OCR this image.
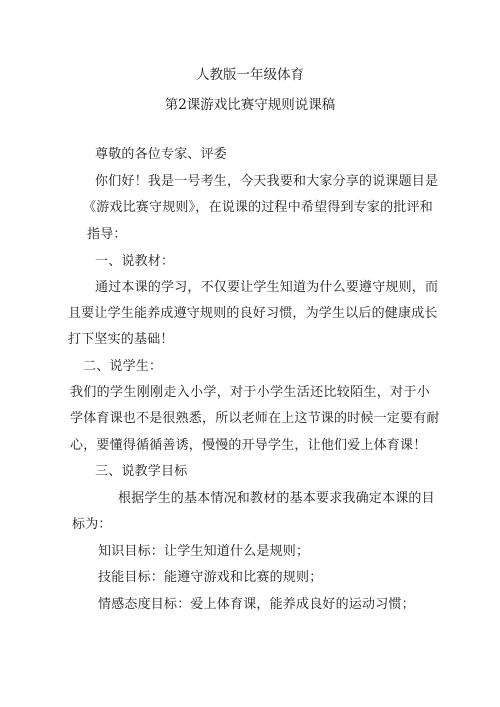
人教版一年级体育
第2课游戏比赛守规则说课稿
尊敬的各位专家、评委
你们好！我是一号考生，今天我要和大家分享的说课题目是
《游戏比赛守规则》，在说课的过程中希望得到专家的批评和
指导：
一、说教材：
通过本课的学习，不仅要让学生知道为什么要遵守规则，而
且要让学生能养成遵守规则的良好习惯，为学生以后的健康成长
打下坚实的基础！
二、说学生：
我们的学生刚刚走入小学，对于小学生活还比较陌生，对于小
学体育课也不是很熟悉，所以老师在上这节课的时候一定要有耐
心，要懂得循循善诱，慢慢的开导学生，让他们爱上体育课！
三、说教学目标
根据学生的基本情况和教材的基本要求我确定本课的目
标为：
知识目标：让学生知道什么是规则；
技能目标：能遵守游戏和比赛的规则；
情感态度目标：爱上体育课，能养成良好的运动习惯；
